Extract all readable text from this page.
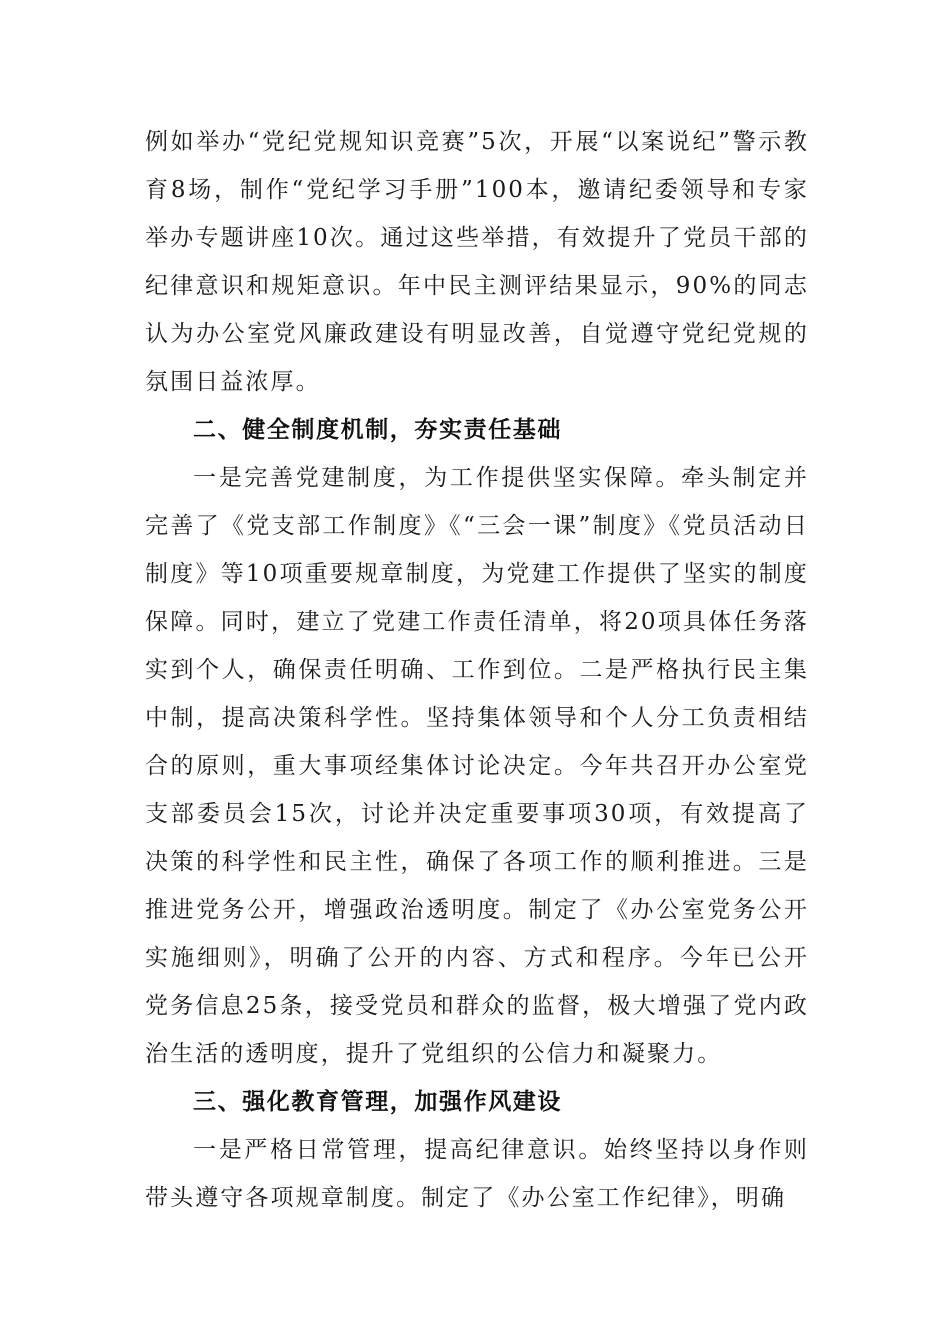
例如举办“党纪党规知识竞赛”5次，开展“以案说纪”警示教育8场，制作“党纪学习手册”100本，邀请纪委领导和专家举办专题讲座10次。通过这些举措，有效提升了党员干部的纪律意识和规矩意识。年中民主测评结果显示，90%的同志认为办公室党风廉政建设有明显改善，自觉遵守党纪党规的氛围日益浓厚。

二、健全制度机制，夯实责任基础

一是完善党建制度，为工作提供坚实保障。牵头制定并完善了《党支部工作制度》《“三会一课”制度》《党员活动日制度》等10项重要规章制度，为党建工作提供了坚实的制度保障。同时，建立了党建工作责任清单，将20项具体任务落实到个人，确保责任明确、工作到位。二是严格执行民主集中制，提高决策科学性。坚持集体领导和个人分工负责相结合的原则，重大事项经集体讨论决定。今年共召开办公室党支部委员会15次，讨论并决定重要事项30项，有效提高了决策的科学性和民主性，确保了各项工作的顺利推进。三是推进党务公开，增强政治透明度。制定了《办公室党务公开实施细则》，明确了公开的内容、方式和程序。今年已公开党务信息25条，接受党员和群众的监督，极大增强了党内政治生活的透明度，提升了党组织的公信力和凝聚力。

三、强化教育管理，加强作风建设

一是严格日常管理，提高纪律意识。始终坚持以身作则带头遵守各项规章制度。制定了《办公室工作纪律》，明确
